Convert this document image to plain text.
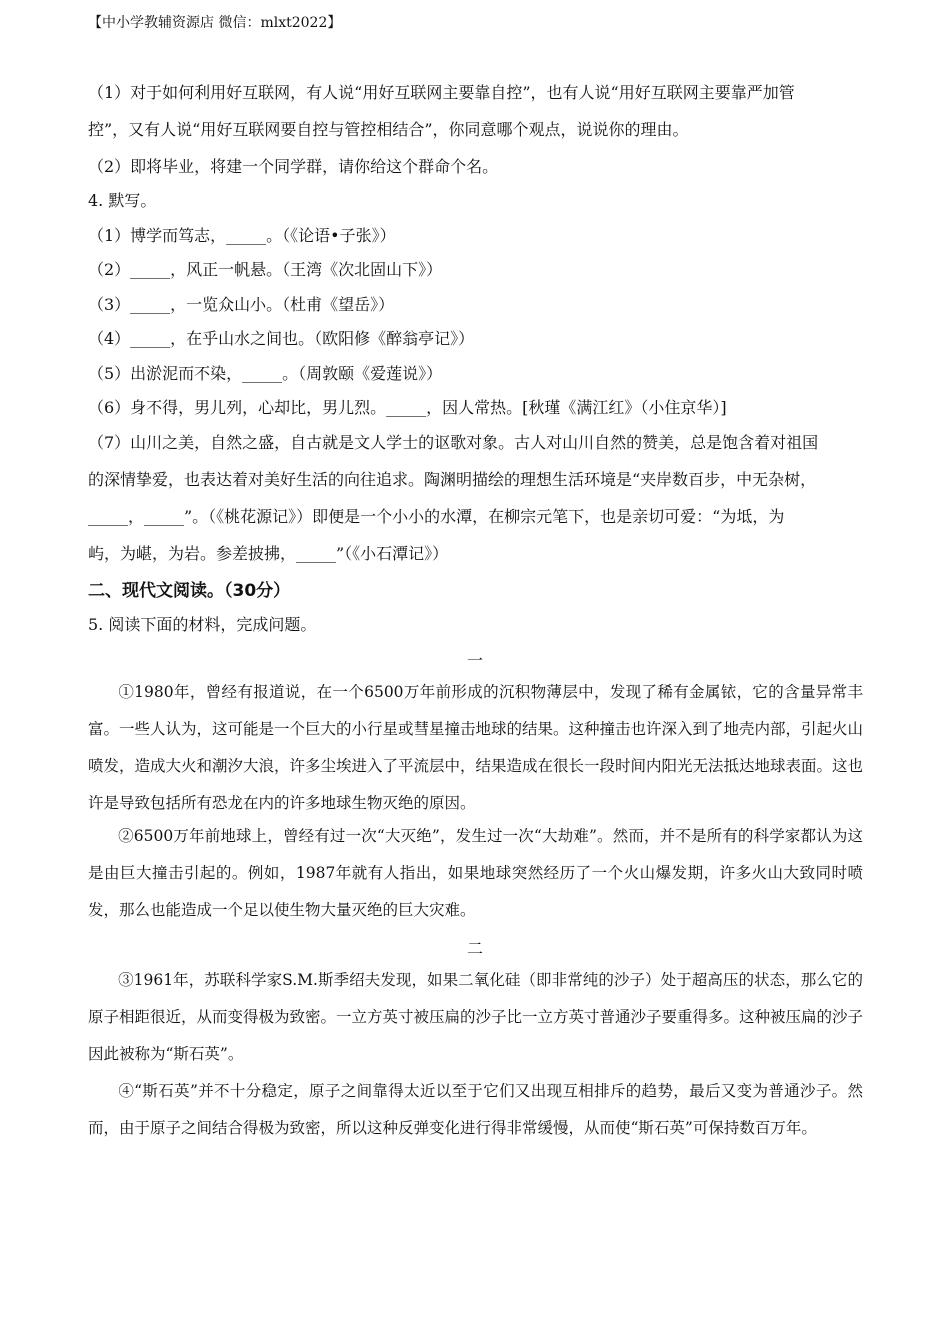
【中小学教辅资源店 微信：mlxt2022】
（1）对于如何利用好互联网，有人说“用好互联网主要靠自控”，也有人说“用好互联网主要靠严加管
控”，又有人说“用好互联网要自控与管控相结合”，你同意哪个观点，说说你的理由。
（2）即将毕业，将建一个同学群，请你给这个群命个名。
4. 默写。
（1）博学而笃志，_____。（《论语•子张》）
（2）_____，风正一帆悬。（王湾《次北固山下》）
（3）_____，一览众山小。（杜甫《望岳》）
（4）_____，在乎山水之间也。（欧阳修《醉翁亭记》）
（5）出淤泥而不染，_____。（周敦颐《爱莲说》）
（6）身不得，男儿列，心却比，男儿烈。_____，因人常热。[秋瑾《满江红》（小住京华）]
（7）山川之美，自然之盛，自古就是文人学士的讴歌对象。古人对山川自然的赞美，总是饱含着对祖国
的深情挚爱，也表达着对美好生活的向往追求。陶渊明描绘的理想生活环境是“夹岸数百步，中无杂树，
_____，_____”。（《桃花源记》）即便是一个小小的水潭，在柳宗元笔下，也是亲切可爱：“为坻，为
屿，为嵁，为岩。参差披拂，_____”（《小石潭记》）
二、现代文阅读。（30分）
5. 阅读下面的材料，完成问题。
一
①1980年，曾经有报道说，在一个6500万年前形成的沉积物薄层中，发现了稀有金属铱，它的含量异常丰富。一些人认为，这可能是一个巨大的小行星或彗星撞击地球的结果。这种撞击也许深入到了地壳内部，引起火山喷发，造成大火和潮汐大浪，许多尘埃进入了平流层中，结果造成在很长一段时间内阳光无法抵达地球表面。这也许是导致包括所有恐龙在内的许多地球生物灭绝的原因。
②6500万年前地球上，曾经有过一次“大灭绝”，发生过一次“大劫难”。然而，并不是所有的科学家都认为这是由巨大撞击引起的。例如，1987年就有人指出，如果地球突然经历了一个火山爆发期，许多火山大致同时喷发，那么也能造成一个足以使生物大量灭绝的巨大灾难。
二
③1961年，苏联科学家S.M.斯季绍夫发现，如果二氧化硅（即非常纯的沙子）处于超高压的状态，那么它的原子相距很近，从而变得极为致密。一立方英寸被压扁的沙子比一立方英寸普通沙子要重得多。这种被压扁的沙子因此被称为“斯石英”。
④“斯石英”并不十分稳定，原子之间靠得太近以至于它们又出现互相排斥的趋势，最后又变为普通沙子。然而，由于原子之间结合得极为致密，所以这种反弹变化进行得非常缓慢，从而使“斯石英”可保持数百万年。
